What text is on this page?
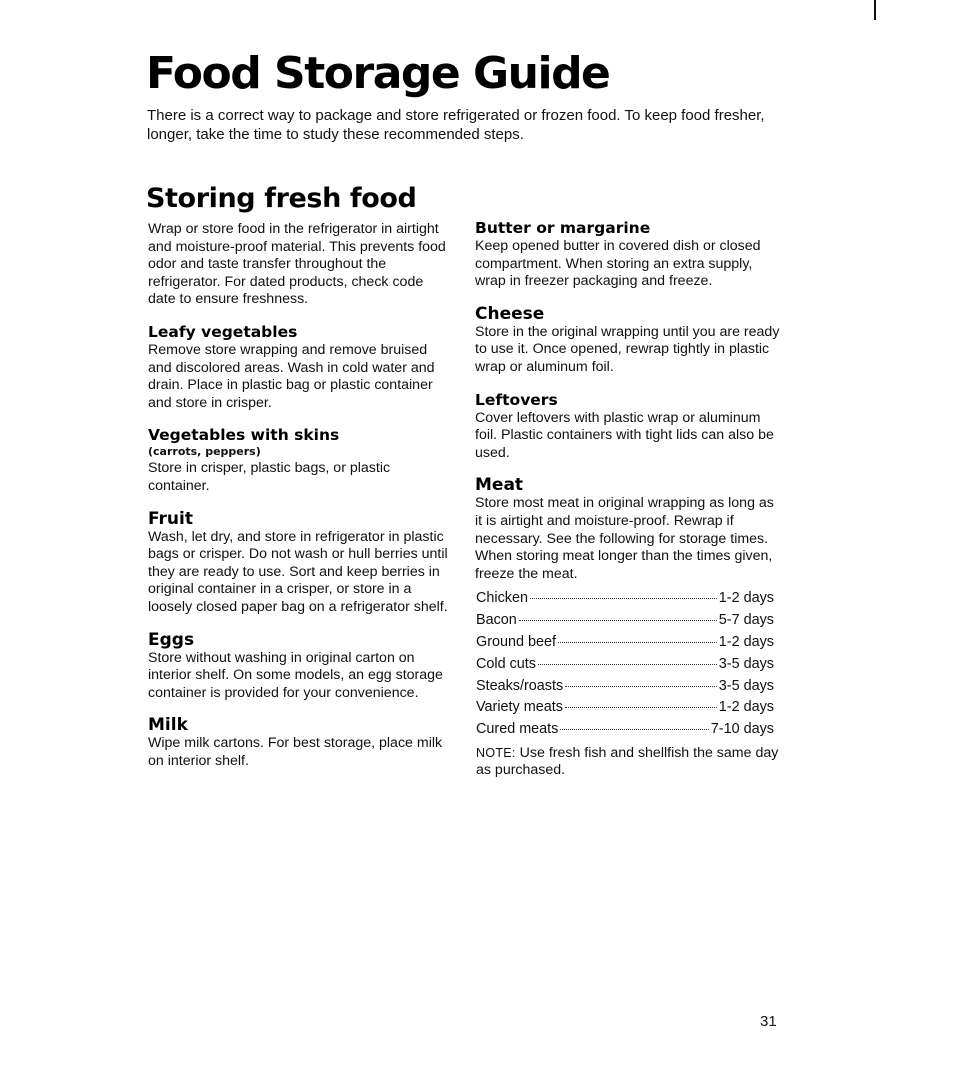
Food Storage Guide

There is a correct way to package and store refrigerated or frozen food. To keep food fresher, longer, take the time to study these recommended steps.

Storing fresh food

Wrap or store food in the refrigerator in airtight and moisture-proof material. This prevents food odor and taste transfer throughout the refrigerator. For dated products, check code date to ensure freshness.

Leafy vegetables

Remove store wrapping and remove bruised and discolored areas. Wash in cold water and drain. Place in plastic bag or plastic container and store in crisper.

Vegetables with skins

(carrots, peppers)

Store in crisper, plastic bags, or plastic container.

Fruit

Wash, let dry, and store in refrigerator in plastic bags or crisper. Do not wash or hull berries until they are ready to use. Sort and keep berries in original container in a crisper, or store in a loosely closed paper bag on a refrigerator shelf.

Eggs

Store without washing in original carton on interior shelf. On some models, an egg storage container is provided for your convenience.

Milk

Wipe milk cartons. For best storage, place milk on interior shelf.

Butter or margarine

Keep opened butter in covered dish or closed compartment. When storing an extra supply, wrap in freezer packaging and freeze.

Cheese

Store in the original wrapping until you are ready to use it. Once opened, rewrap tightly in plastic wrap or aluminum foil.

Leftovers

Cover leftovers with plastic wrap or aluminum foil. Plastic containers with tight lids can also be used.

Meat

Store most meat in original wrapping as long as it is airtight and moisture-proof. Rewrap if necessary. See the following for storage times. When storing meat longer than the times given, freeze the meat.

Chicken	1-2 days
Bacon	5-7 days
Ground beef	1-2 days
Cold cuts	3-5 days
Steaks/roasts	3-5 days
Variety meats	1-2 days
Cured meats	7-10 days

NOTE: Use fresh fish and shellfish the same day as purchased.

31
